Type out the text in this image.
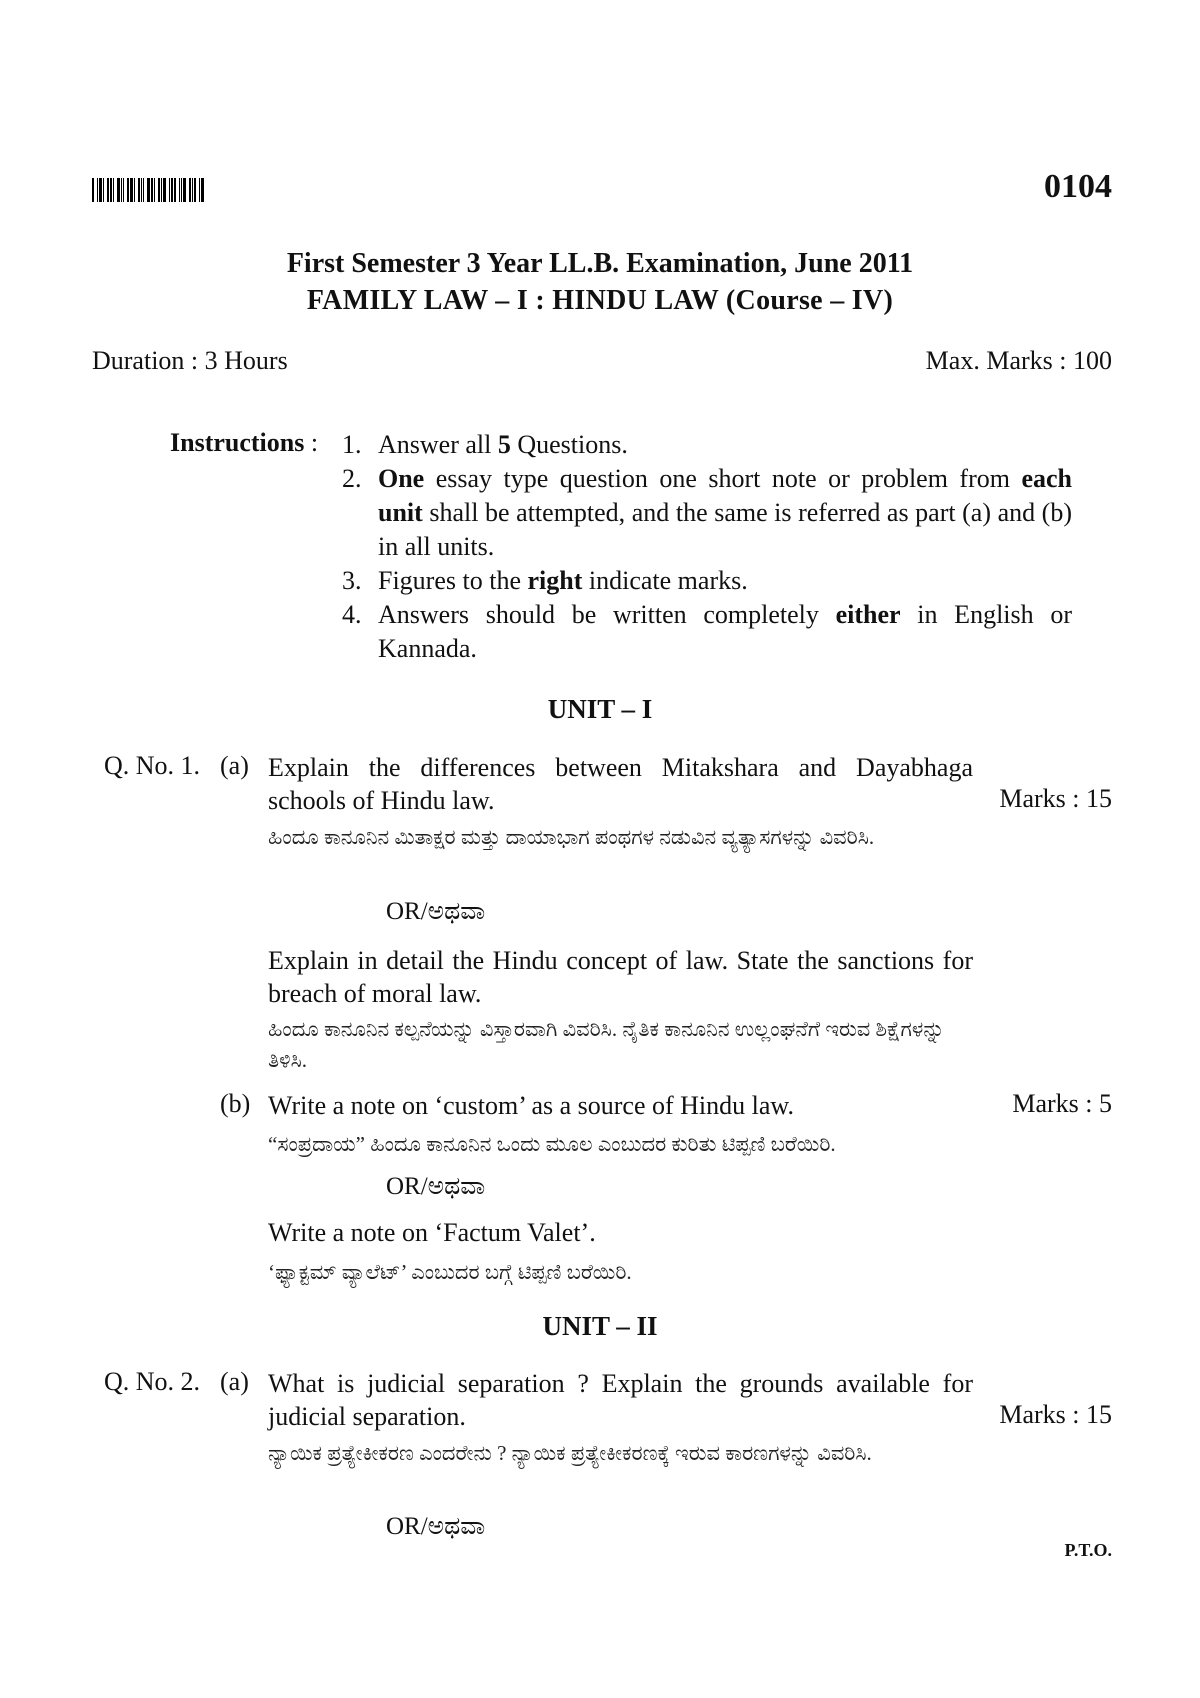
0104
First Semester 3 Year LL.B. Examination, June 2011
FAMILY LAW – I : HINDU LAW (Course – IV)
Duration : 3 Hours	Max. Marks : 100
Instructions : 1. Answer all 5 Questions.
2. One essay type question one short note or problem from each unit shall be attempted, and the same is referred as part (a) and (b) in all units.
3. Figures to the right indicate marks.
4. Answers should be written completely either in English or Kannada.
UNIT – I
Q. No. 1. (a) Explain the differences between Mitakshara and Dayabhaga schools of Hindu law.	Marks : 15
ಹಿಂದೂ ಕಾನೂನಿನ ಮಿತಾಕ್ಷರ ಮತ್ತು ದಾಯಾಭಾಗ ಪಂಥಗಳ ನಡುವಿನ ವ್ಯತ್ಯಾಸಗಳನ್ನು ವಿವರಿಸಿ.
OR/ಅಥವಾ
Explain in detail the Hindu concept of law. State the sanctions for breach of moral law.
ಹಿಂದೂ ಕಾನೂನಿನ ಕಲ್ಪನೆಯನ್ನು ವಿಸ್ತಾರವಾಗಿ ವಿವರಿಸಿ. ನೈತಿಕ ಕಾನೂನಿನ ಉಲ್ಲಂಘನೆಗೆ ಇರುವ ಶಿಕ್ಷೆಗಳನ್ನು ತಿಳಿಸಿ.
(b) Write a note on ‘custom’ as a source of Hindu law.	Marks : 5
“ಸಂಪ್ರದಾಯ” ಹಿಂದೂ ಕಾನೂನಿನ ಒಂದು ಮೂಲ ಎಂಬುದರ ಕುರಿತು ಟಿಪ್ಪಣಿ ಬರೆಯಿರಿ.
OR/ಅಥವಾ
Write a note on ‘Factum Valet’.
‘ಫ್ಯಾಕ್ಟಮ್ ವ್ಯಾಲೆಟ್’ ಎಂಬುದರ ಬಗ್ಗೆ ಟಿಪ್ಪಣಿ ಬರೆಯಿರಿ.
UNIT – II
Q. No. 2. (a) What is judicial separation ? Explain the grounds available for judicial separation.	Marks : 15
ನ್ಯಾಯಿಕ ಪ್ರತ್ಯೇಕೀಕರಣ ಎಂದರೇನು ? ನ್ಯಾಯಿಕ ಪ್ರತ್ಯೇಕೀಕರಣಕ್ಕೆ ಇರುವ ಕಾರಣಗಳನ್ನು ವಿವರಿಸಿ.
OR/ಅಥವಾ
P.T.O.
